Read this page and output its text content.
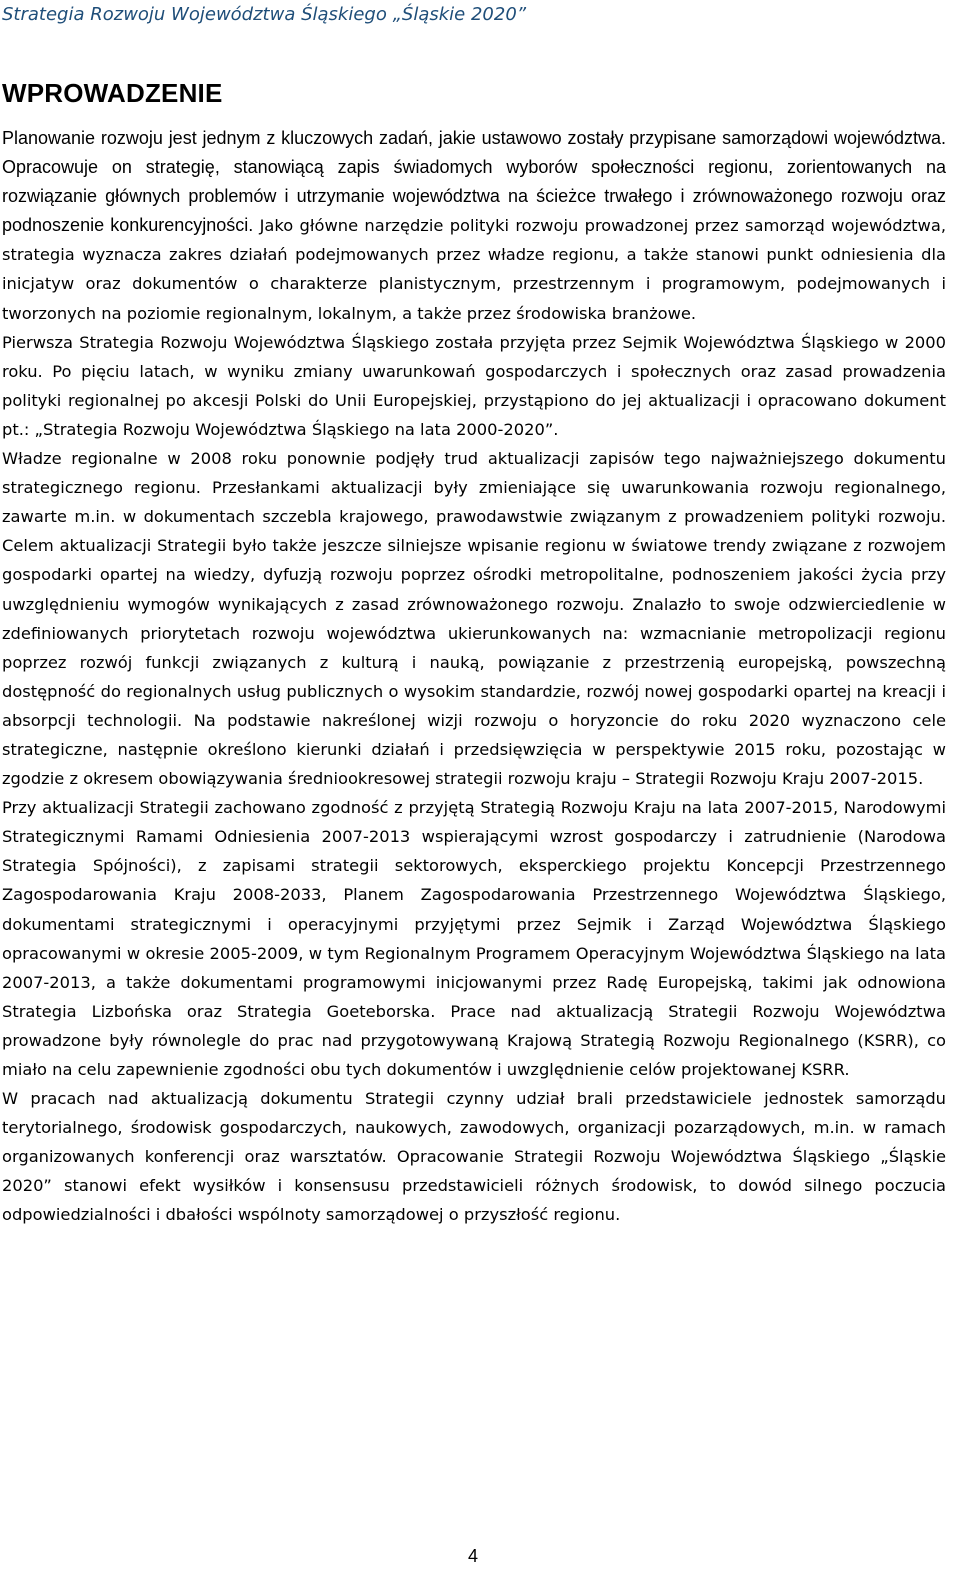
Strategia Rozwoju Województwa Śląskiego „Śląskie 2020”
WPROWADZENIE

Planowanie rozwoju jest jednym z kluczowych zadań, jakie ustawowo zostały przypisane samorządowi województwa. Opracowuje on strategię, stanowiącą zapis świadomych wyborów społeczności regionu, zorientowanych na rozwiązanie głównych problemów i utrzymanie województwa na ścieżce trwałego i zrównoważonego rozwoju oraz podnoszenie konkurencyjności. Jako główne narzędzie polityki rozwoju prowadzonej przez samorząd województwa, strategia wyznacza zakres działań podejmowanych przez władze regionu, a także stanowi punkt odniesienia dla inicjatyw oraz dokumentów o charakterze planistycznym, przestrzennym i programowym, podejmowanych i tworzonych na poziomie regionalnym, lokalnym, a także przez środowiska branżowe.

Pierwsza Strategia Rozwoju Województwa Śląskiego została przyjęta przez Sejmik Województwa Śląskiego w 2000 roku. Po pięciu latach, w wyniku zmiany uwarunkowań gospodarczych i społecznych oraz zasad prowadzenia polityki regionalnej po akcesji Polski do Unii Europejskiej, przystąpiono do jej aktualizacji i opracowano dokument pt.: „Strategia Rozwoju Województwa Śląskiego na lata 2000-2020”.

Władze regionalne w 2008 roku ponownie podjęły trud aktualizacji zapisów tego najważniejszego dokumentu strategicznego regionu. Przesłankami aktualizacji były zmieniające się uwarunkowania rozwoju regionalnego, zawarte m.in. w dokumentach szczebla krajowego, prawodawstwie związanym z prowadzeniem polityki rozwoju. Celem aktualizacji Strategii było także jeszcze silniejsze wpisanie regionu w światowe trendy związane z rozwojem gospodarki opartej na wiedzy, dyfuzją rozwoju poprzez ośrodki metropolitalne, podnoszeniem jakości życia przy uwzględnieniu wymogów wynikających z zasad zrównoważonego rozwoju. Znalazło to swoje odzwierciedlenie w zdefiniowanych priorytetach rozwoju województwa ukierunkowanych na: wzmacnianie metropolizacji regionu poprzez rozwój funkcji związanych z kulturą i nauką, powiązanie z przestrzenią europejską, powszechną dostępność do regionalnych usług publicznych o wysokim standardzie, rozwój nowej gospodarki opartej na kreacji i absorpcji technologii. Na podstawie nakreślonej wizji rozwoju o horyzoncie do roku 2020 wyznaczono cele strategiczne, następnie określono kierunki działań i przedsięwzięcia w perspektywie 2015 roku, pozostając w zgodzie z okresem obowiązywania średniookresowej strategii rozwoju kraju – Strategii Rozwoju Kraju 2007-2015.

Przy aktualizacji Strategii zachowano zgodność z przyjętą Strategią Rozwoju Kraju na lata 2007-2015, Narodowymi Strategicznymi Ramami Odniesienia 2007-2013 wspierającymi wzrost gospodarczy i zatrudnienie (Narodowa Strategia Spójności), z zapisami strategii sektorowych, eksperckiego projektu Koncepcji Przestrzennego Zagospodarowania Kraju 2008-2033, Planem Zagospodarowania Przestrzennego Województwa Śląskiego, dokumentami strategicznymi i operacyjnymi przyjętymi przez Sejmik i Zarząd Województwa Śląskiego opracowanymi w okresie 2005-2009, w tym Regionalnym Programem Operacyjnym Województwa Śląskiego na lata 2007-2013, a także dokumentami programowymi inicjowanymi przez Radę Europejską, takimi jak odnowiona Strategia Lizbońska oraz Strategia Goeteborska. Prace nad aktualizacją Strategii Rozwoju Województwa prowadzone były równolegle do prac nad przygotowywaną Krajową Strategią Rozwoju Regionalnego (KSRR), co miało na celu zapewnienie zgodności obu tych dokumentów i uwzględnienie celów projektowanej KSRR.

W pracach nad aktualizacją dokumentu Strategii czynny udział brali przedstawiciele jednostek samorządu terytorialnego, środowisk gospodarczych, naukowych, zawodowych, organizacji pozarządowych, m.in. w ramach organizowanych konferencji oraz warsztatów. Opracowanie Strategii Rozwoju Województwa Śląskiego „Śląskie 2020” stanowi efekt wysiłków i konsensusu przedstawicieli różnych środowisk, to dowód silnego poczucia odpowiedzialności i dbałości wspólnoty samorządowej o przyszłość regionu.

4
